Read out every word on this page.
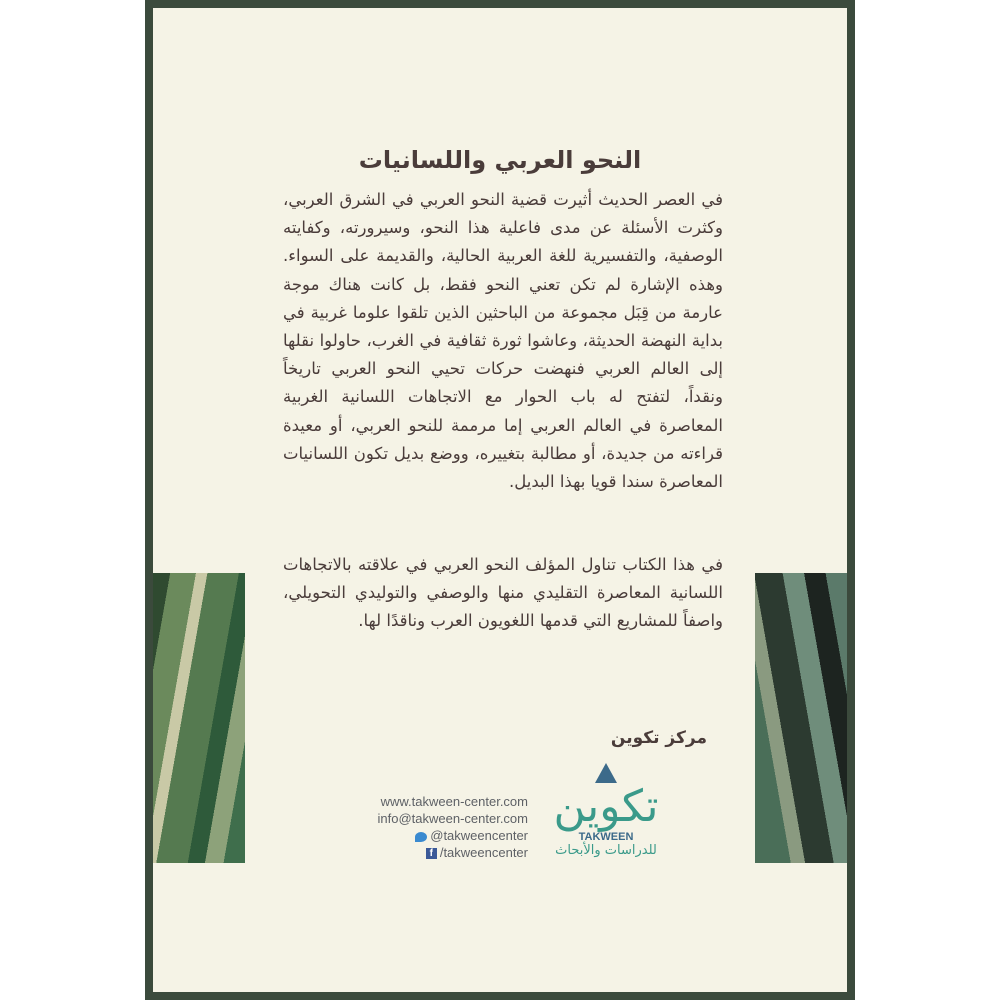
النحو العربي واللسانيات
في العصر الحديث أثيرت قضية النحو العربي في الشرق العربي، وكثرت الأسئلة عن مدى فاعلية هذا النحو، وسيرورته، وكفايته الوصفية، والتفسيرية للغة العربية الحالية، والقديمة على السواء. وهذه الإشارة لم تكن تعني النحو فقط، بل كانت هناك موجة عارمة من قِبَل مجموعة من الباحثين الذين تلقوا علوما غربية في بداية النهضة الحديثة، وعاشوا ثورة ثقافية في الغرب، حاولوا نقلها إلى العالم العربي فنهضت حركات تحيي النحو العربي تاريخاً ونقداً، لتفتح له باب الحوار مع الاتجاهات اللسانية الغربية المعاصرة في العالم العربي إما مرممة للنحو العربي، أو معيدة قراءته من جديدة، أو مطالبة بتغييره، ووضع بديل تكون اللسانيات المعاصرة سندا قويا بهذا البديل.
في هذا الكتاب تناول المؤلف النحو العربي في علاقته بالاتجاهات اللسانية المعاصرة التقليدي منها والوصفي والتوليدي التحويلي، واصفاً للمشاريع التي قدمها اللغويون العرب وناقدًا لها.
مركز تكوين
www.takween-center.com
info@takween-center.com
@takweencenter
f /takweencenter
تكوين
TAKWEEN
للدراسات والأبحاث
